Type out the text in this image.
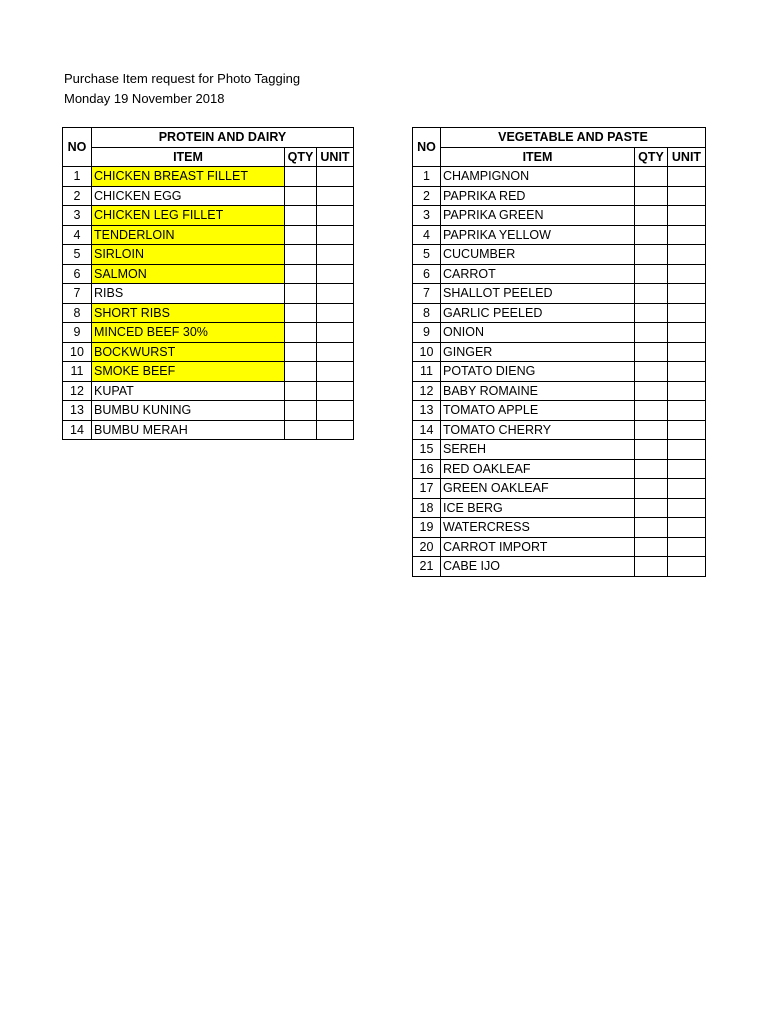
Purchase Item request for Photo Tagging
Monday 19 November 2018
NO	PROTEIN AND DAIRY		
	ITEM	QTY	UNIT
1	CHICKEN BREAST FILLET		
2	CHICKEN EGG		
3	CHICKEN LEG FILLET		
4	TENDERLOIN		
5	SIRLOIN		
6	SALMON		
7	RIBS		
8	SHORT RIBS		
9	MINCED BEEF 30%		
10	BOCKWURST		
11	SMOKE BEEF		
12	KUPAT		
13	BUMBU KUNING		
14	BUMBU MERAH		
NO	VEGETABLE AND PASTE		
	ITEM	QTY	UNIT
1	CHAMPIGNON		
2	PAPRIKA RED		
3	PAPRIKA GREEN		
4	PAPRIKA YELLOW		
5	CUCUMBER		
6	CARROT		
7	SHALLOT PEELED		
8	GARLIC PEELED		
9	ONION		
10	GINGER		
11	POTATO DIENG		
12	BABY ROMAINE		
13	TOMATO APPLE		
14	TOMATO CHERRY		
15	SEREH		
16	RED OAKLEAF		
17	GREEN OAKLEAF		
18	ICE BERG		
19	WATERCRESS		
20	CARROT IMPORT		
21	CABE IJO		
